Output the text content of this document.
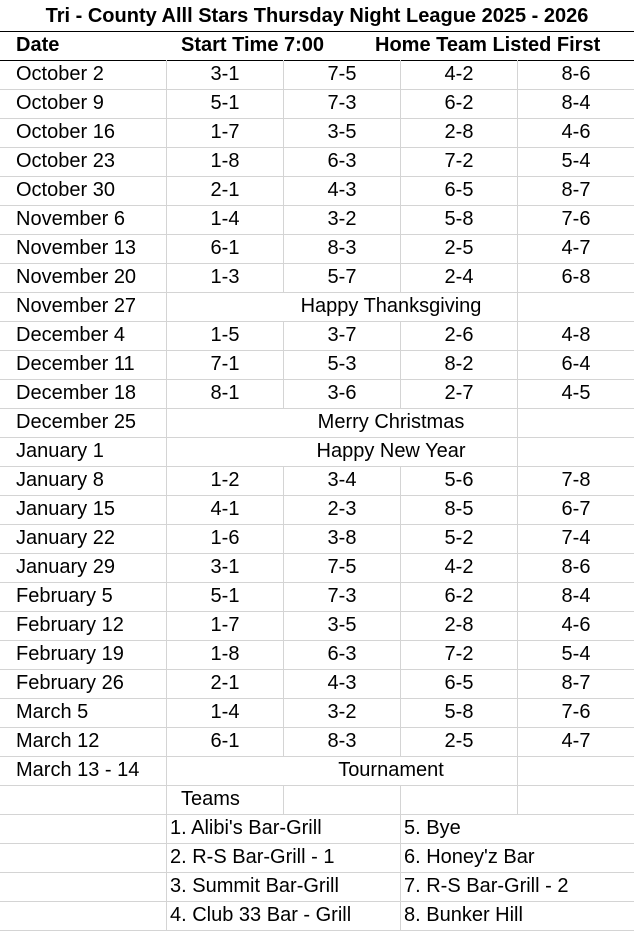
Tri - County Alll Stars Thursday Night League 2025 - 2026
Date	Start Time 7:00	Home Team Listed First
October 2	3-1	7-5	4-2	8-6
October 9	5-1	7-3	6-2	8-4
October 16	1-7	3-5	2-8	4-6
October 23	1-8	6-3	7-2	5-4
October 30	2-1	4-3	6-5	8-7
November 6	1-4	3-2	5-8	7-6
November 13	6-1	8-3	2-5	4-7
November 20	1-3	5-7	2-4	6-8
November 27	Happy Thanksgiving
December 4	1-5	3-7	2-6	4-8
December 11	7-1	5-3	8-2	6-4
December 18	8-1	3-6	2-7	4-5
December 25	Merry Christmas
January 1	Happy New Year
January 8	1-2	3-4	5-6	7-8
January 15	4-1	2-3	8-5	6-7
January 22	1-6	3-8	5-2	7-4
January 29	3-1	7-5	4-2	8-6
February 5	5-1	7-3	6-2	8-4
February 12	1-7	3-5	2-8	4-6
February 19	1-8	6-3	7-2	5-4
February 26	2-1	4-3	6-5	8-7
March 5	1-4	3-2	5-8	7-6
March 12	6-1	8-3	2-5	4-7
March 13 - 14	Tournament
Teams
1. Alibi's Bar-Grill	5. Bye
2. R-S Bar-Grill - 1	6. Honey'z Bar
3. Summit Bar-Grill	7. R-S Bar-Grill - 2
4. Club 33 Bar - Grill	8. Bunker Hill
